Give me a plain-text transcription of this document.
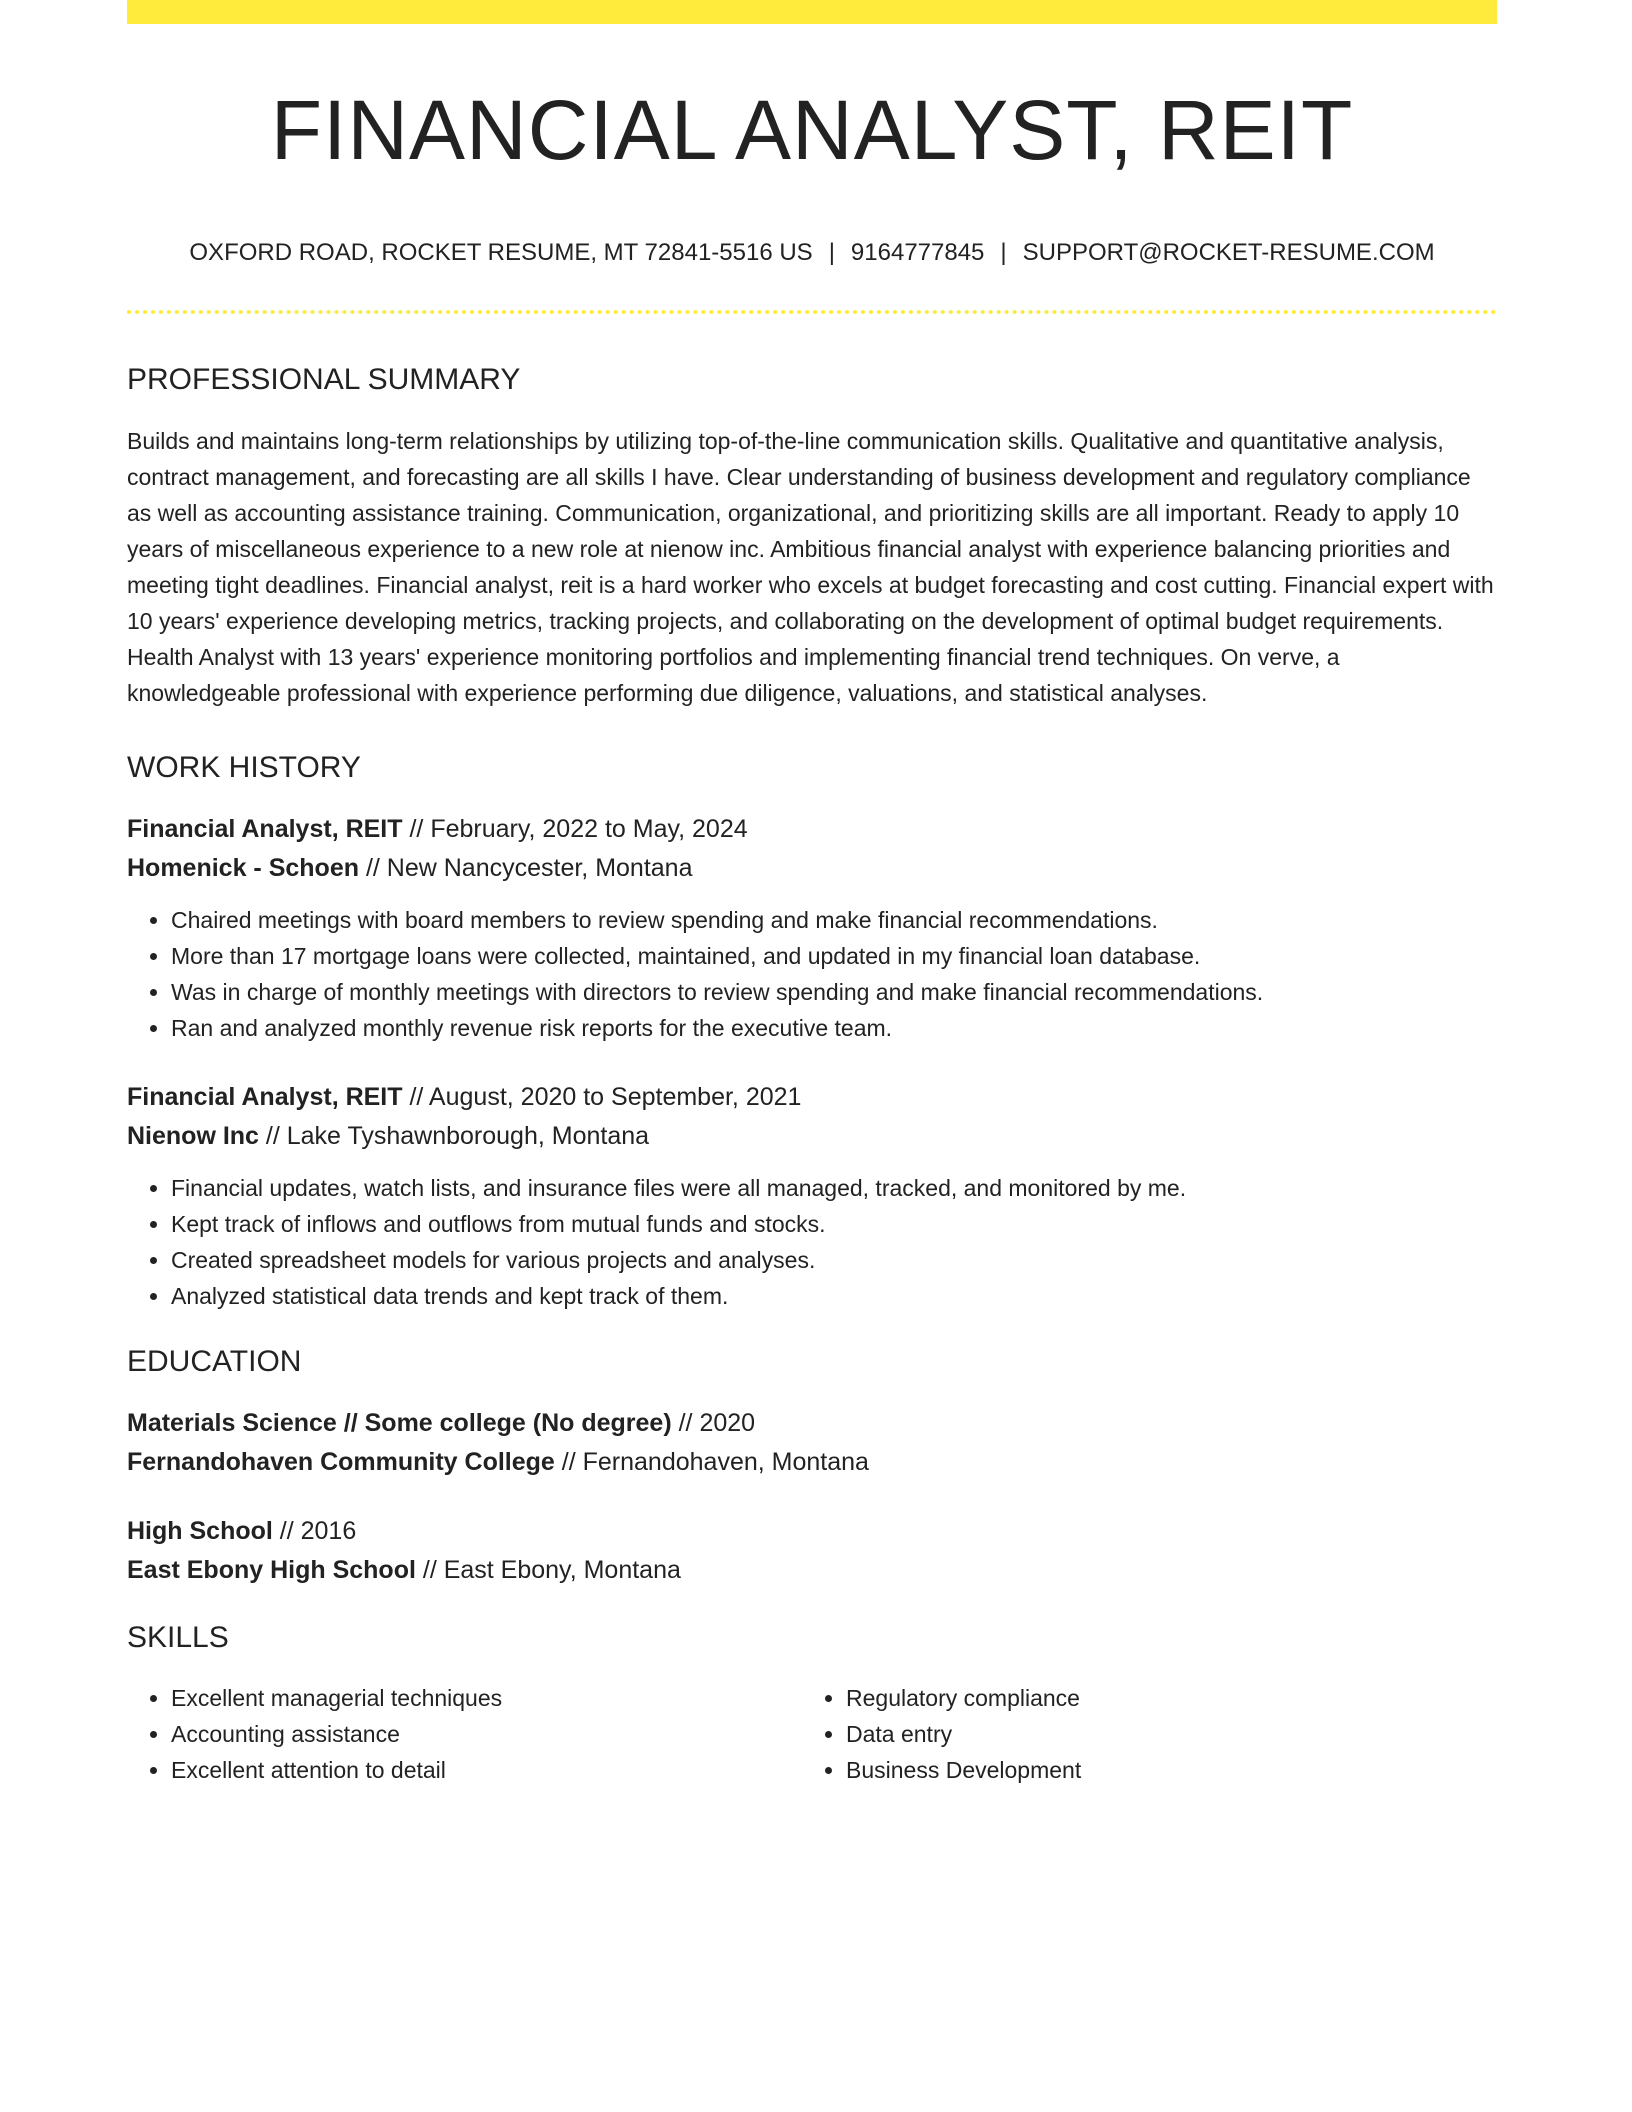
FINANCIAL ANALYST, REIT
OXFORD ROAD, ROCKET RESUME, MT 72841-5516 US | 9164777845 | SUPPORT@ROCKET-RESUME.COM
PROFESSIONAL SUMMARY
Builds and maintains long-term relationships by utilizing top-of-the-line communication skills. Qualitative and quantitative analysis, contract management, and forecasting are all skills I have. Clear understanding of business development and regulatory compliance as well as accounting assistance training. Communication, organizational, and prioritizing skills are all important. Ready to apply 10 years of miscellaneous experience to a new role at nienow inc. Ambitious financial analyst with experience balancing priorities and meeting tight deadlines. Financial analyst, reit is a hard worker who excels at budget forecasting and cost cutting. Financial expert with 10 years' experience developing metrics, tracking projects, and collaborating on the development of optimal budget requirements. Health Analyst with 13 years' experience monitoring portfolios and implementing financial trend techniques. On verve, a knowledgeable professional with experience performing due diligence, valuations, and statistical analyses.
WORK HISTORY
Financial Analyst, REIT // February, 2022 to May, 2024
Homenick - Schoen // New Nancycester, Montana
• Chaired meetings with board members to review spending and make financial recommendations.
• More than 17 mortgage loans were collected, maintained, and updated in my financial loan database.
• Was in charge of monthly meetings with directors to review spending and make financial recommendations.
• Ran and analyzed monthly revenue risk reports for the executive team.
Financial Analyst, REIT // August, 2020 to September, 2021
Nienow Inc // Lake Tyshawnborough, Montana
• Financial updates, watch lists, and insurance files were all managed, tracked, and monitored by me.
• Kept track of inflows and outflows from mutual funds and stocks.
• Created spreadsheet models for various projects and analyses.
• Analyzed statistical data trends and kept track of them.
EDUCATION
Materials Science // Some college (No degree) // 2020
Fernandohaven Community College // Fernandohaven, Montana
High School // 2016
East Ebony High School // East Ebony, Montana
SKILLS
• Excellent managerial techniques
• Accounting assistance
• Excellent attention to detail
• Regulatory compliance
• Data entry
• Business Development
